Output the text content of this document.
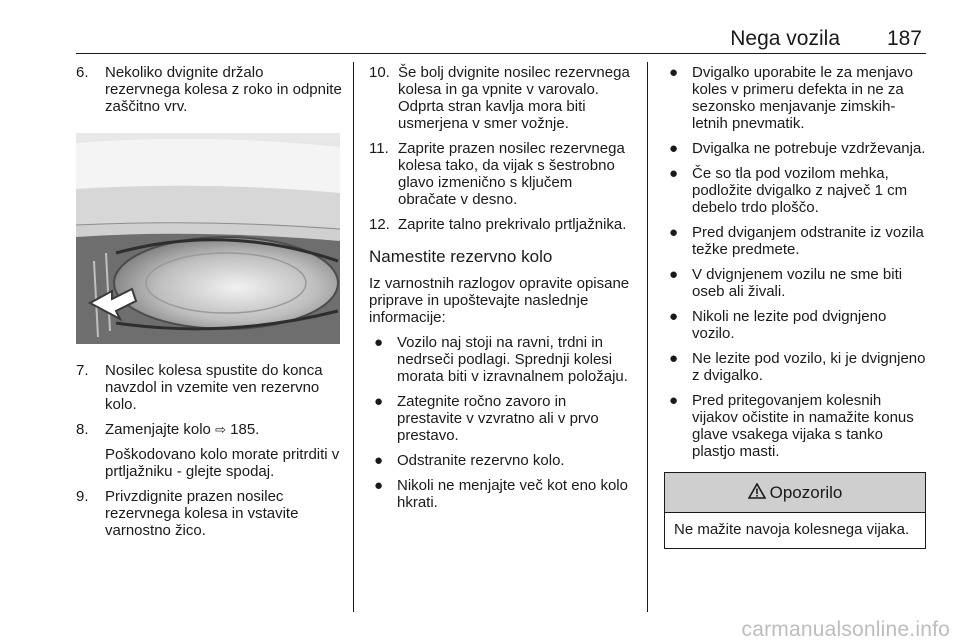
Nega vozila 187
6. Nekoliko dvignite držalo rezervnega kolesa z roko in odpnite zaščitno vrv.
7. Nosilec kolesa spustite do konca navzdol in vzemite ven rezervno kolo.
8. Zamenjajte kolo ⇨ 185.
Poškodovano kolo morate pritrditi v prtljažniku - glejte spodaj.
9. Privzdignite prazen nosilec rezervnega kolesa in vstavite varnostno žico.
10. Še bolj dvignite nosilec rezervnega kolesa in ga vpnite v varovalo. Odprta stran kavlja mora biti usmerjena v smer vožnje.
11. Zaprite prazen nosilec rezervnega kolesa tako, da vijak s šestrobno glavo izmenično s ključem obračate v desno.
12. Zaprite talno prekrivalo prtljažnika.
Namestite rezervno kolo
Iz varnostnih razlogov opravite opisane priprave in upoštevajte naslednje informacije:
● Vozilo naj stoji na ravni, trdni in nedrseči podlagi. Sprednji kolesi morata biti v izravnalnem položaju.
● Zategnite ročno zavoro in prestavite v vzvratno ali v prvo prestavo.
● Odstranite rezervno kolo.
● Nikoli ne menjajte več kot eno kolo hkrati.
● Dvigalko uporabite le za menjavo koles v primeru defekta in ne za sezonsko menjavanje zimskih-letnih pnevmatik.
● Dvigalka ne potrebuje vzdrževanja.
● Če so tla pod vozilom mehka, podložite dvigalko z največ 1 cm debelo trdo ploščo.
● Pred dviganjem odstranite iz vozila težke predmete.
● V dvignjenem vozilu ne sme biti oseb ali živali.
● Nikoli ne lezite pod dvignjeno vozilo.
● Ne lezite pod vozilo, ki je dvignjeno z dvigalko.
● Pred pritegovanjem kolesnih vijakov očistite in namažite konus glave vsakega vijaka s tanko plastjo masti.
Opozorilo
Ne mažite navoja kolesnega vijaka.
carmanualsonline.info
